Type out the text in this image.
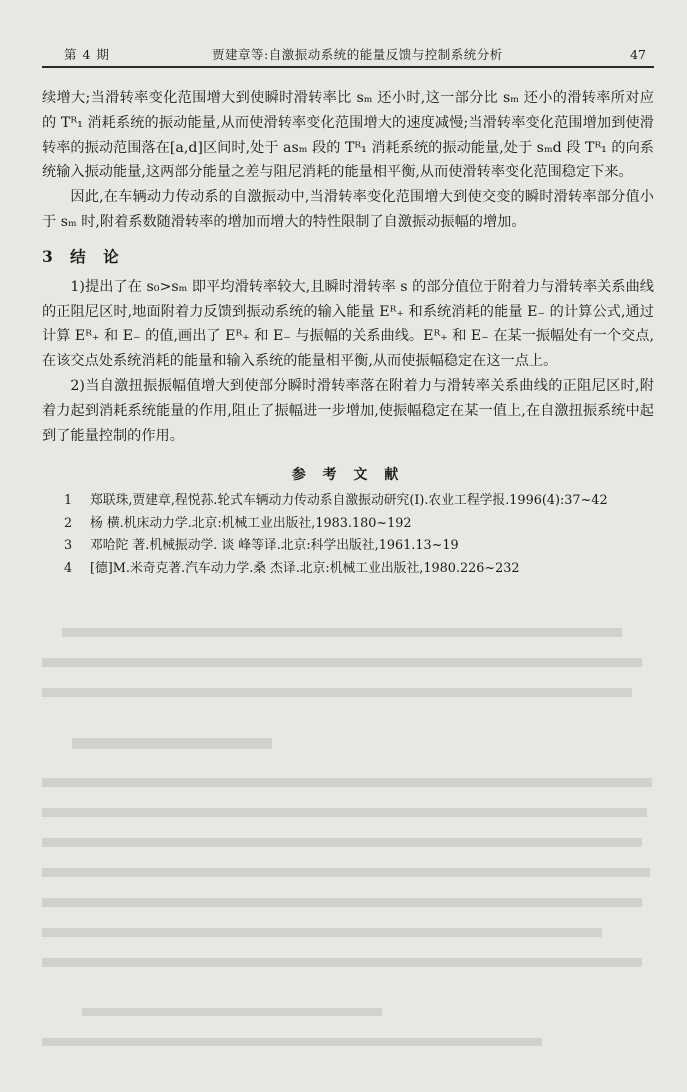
第 4 期	贾建章等:自激振动系统的能量反馈与控制系统分析	47

续增大;当滑转率变化范围增大到使瞬时滑转率比 sₘ 还小时,这一部分比 sₘ 还小的滑转率所对应的 Tᴿ₁ 消耗系统的振动能量,从而使滑转率变化范围增大的速度减慢;当滑转率变化范围增加到使滑转率的振动范围落在[a,d]区间时,处于 asₘ 段的 Tᴿ₁ 消耗系统的振动能量,处于 sₘd 段 Tᴿ₁ 的向系统输入振动能量,这两部分能量之差与阻尼消耗的能量相平衡,从而使滑转率变化范围稳定下来。

因此,在车辆动力传动系的自激振动中,当滑转率变化范围增大到使交变的瞬时滑转率部分值小于 sₘ 时,附着系数随滑转率的增加而增大的特性限制了自激振动振幅的增加。

3 结 论

1)提出了在 s₀>sₘ 即平均滑转率较大,且瞬时滑转率 s 的部分值位于附着力与滑转率关系曲线的正阻尼区时,地面附着力反馈到振动系统的输入能量 Eᴿ₊ 和系统消耗的能量 E₋ 的计算公式,通过计算 Eᴿ₊ 和 E₋ 的值,画出了 Eᴿ₊ 和 E₋ 与振幅的关系曲线。Eᴿ₊ 和 E₋ 在某一振幅处有一个交点,在该交点处系统消耗的能量和输入系统的能量相平衡,从而使振幅稳定在这一点上。

2)当自激扭振振幅值增大到使部分瞬时滑转率落在附着力与滑转率关系曲线的正阻尼区时,附着力起到消耗系统能量的作用,阻止了振幅进一步增加,使振幅稳定在某一值上,在自激扭振系统中起到了能量控制的作用。

参 考 文 献
1 郑联珠,贾建章,程悦荪.轮式车辆动力传动系自激振动研究(Ⅰ).农业工程学报.1996(4):37~42
2 杨 横.机床动力学.北京:机械工业出版社,1983.180~192
3 邓哈陀 著.机械振动学. 谈 峰等译.北京:科学出版社,1961.13~19
4 [德]M.米奇克著.汽车动力学.桑 杰译.北京:机械工业出版社,1980.226~232
